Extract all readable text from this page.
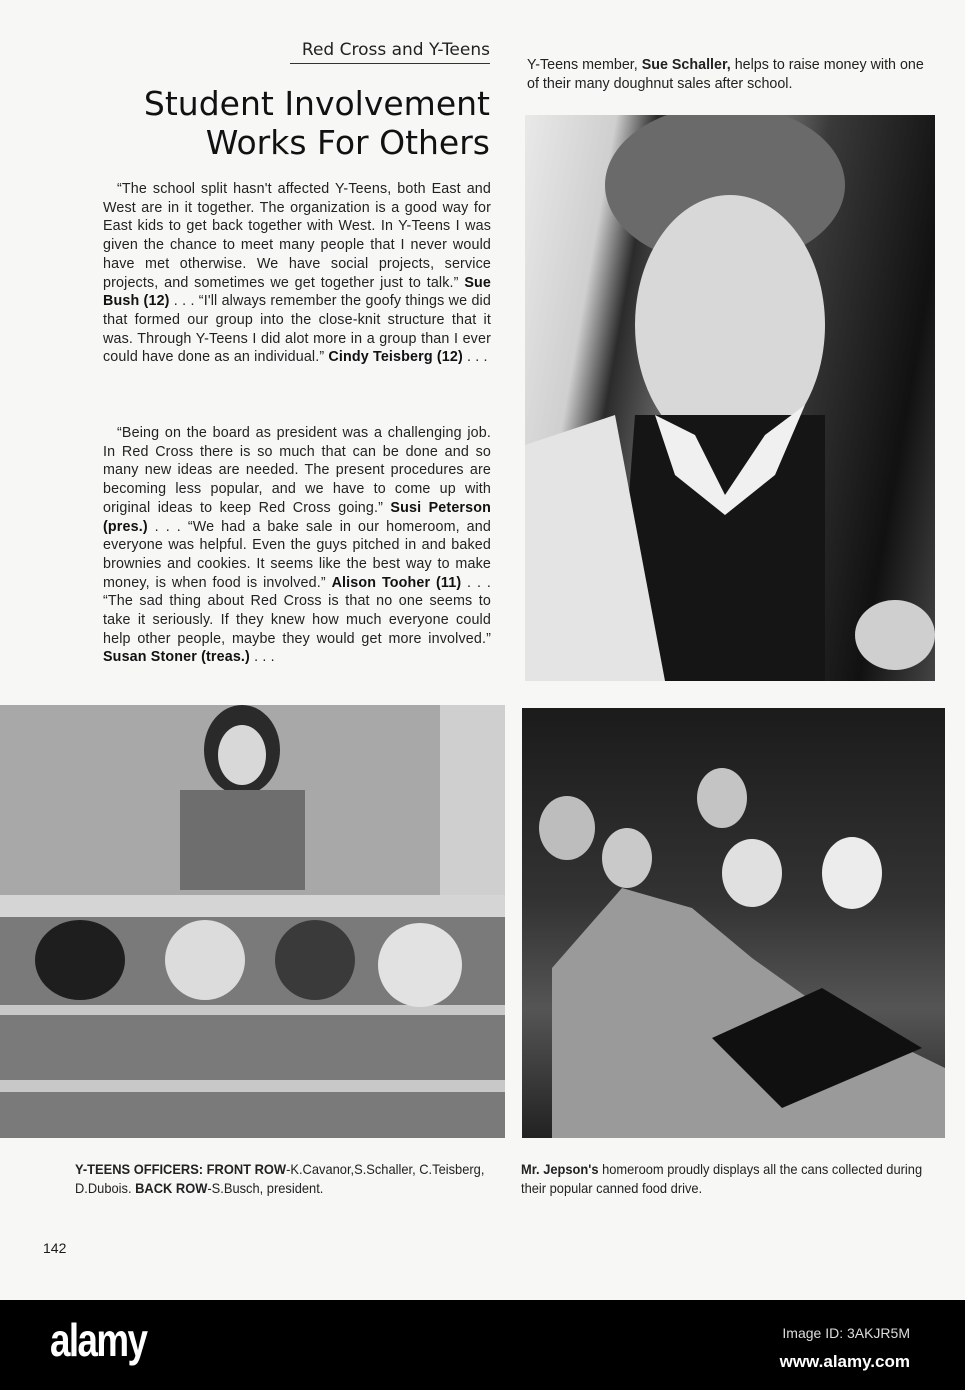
Red Cross and Y-Teens
Student Involvement
Works For Others
“The school split hasn't affected Y-Teens, both East and West are in it together. The organization is a good way for East kids to get back together with West. In Y-Teens I was given the chance to meet many people that I never would have met otherwise. We have social projects, service projects, and sometimes we get together just to talk.” Sue Bush (12) . . . “I'll always remember the goofy things we did that formed our group into the close-knit structure that it was. Through Y-Teens I did alot more in a group than I ever could have done as an individual.” Cindy Teisberg (12) . . .
“Being on the board as president was a challenging job. In Red Cross there is so much that can be done and so many new ideas are needed. The present procedures are becoming less popular, and we have to come up with original ideas to keep Red Cross going.” Susi Peterson (pres.) . . . “We had a bake sale in our homeroom, and everyone was helpful. Even the guys pitched in and baked brownies and cookies. It seems like the best way to make money, is when food is involved.” Alison Tooher (11) . . . “The sad thing about Red Cross is that no one seems to take it seriously. If they knew how much everyone could help other people, maybe they would get more involved.” Susan Stoner (treas.) . . .
Y-Teens member, Sue Schaller, helps to raise money with one of their many doughnut sales after school.
Y-TEENS OFFICERS: FRONT ROW-K.Cavanor,S.Schaller, C.Teisberg, D.Dubois. BACK ROW-S.Busch, president.
Mr. Jepson's homeroom proudly displays all the cans collected during their popular canned food drive.
142
alamy	Image ID: 3AKJR5M
www.alamy.com
